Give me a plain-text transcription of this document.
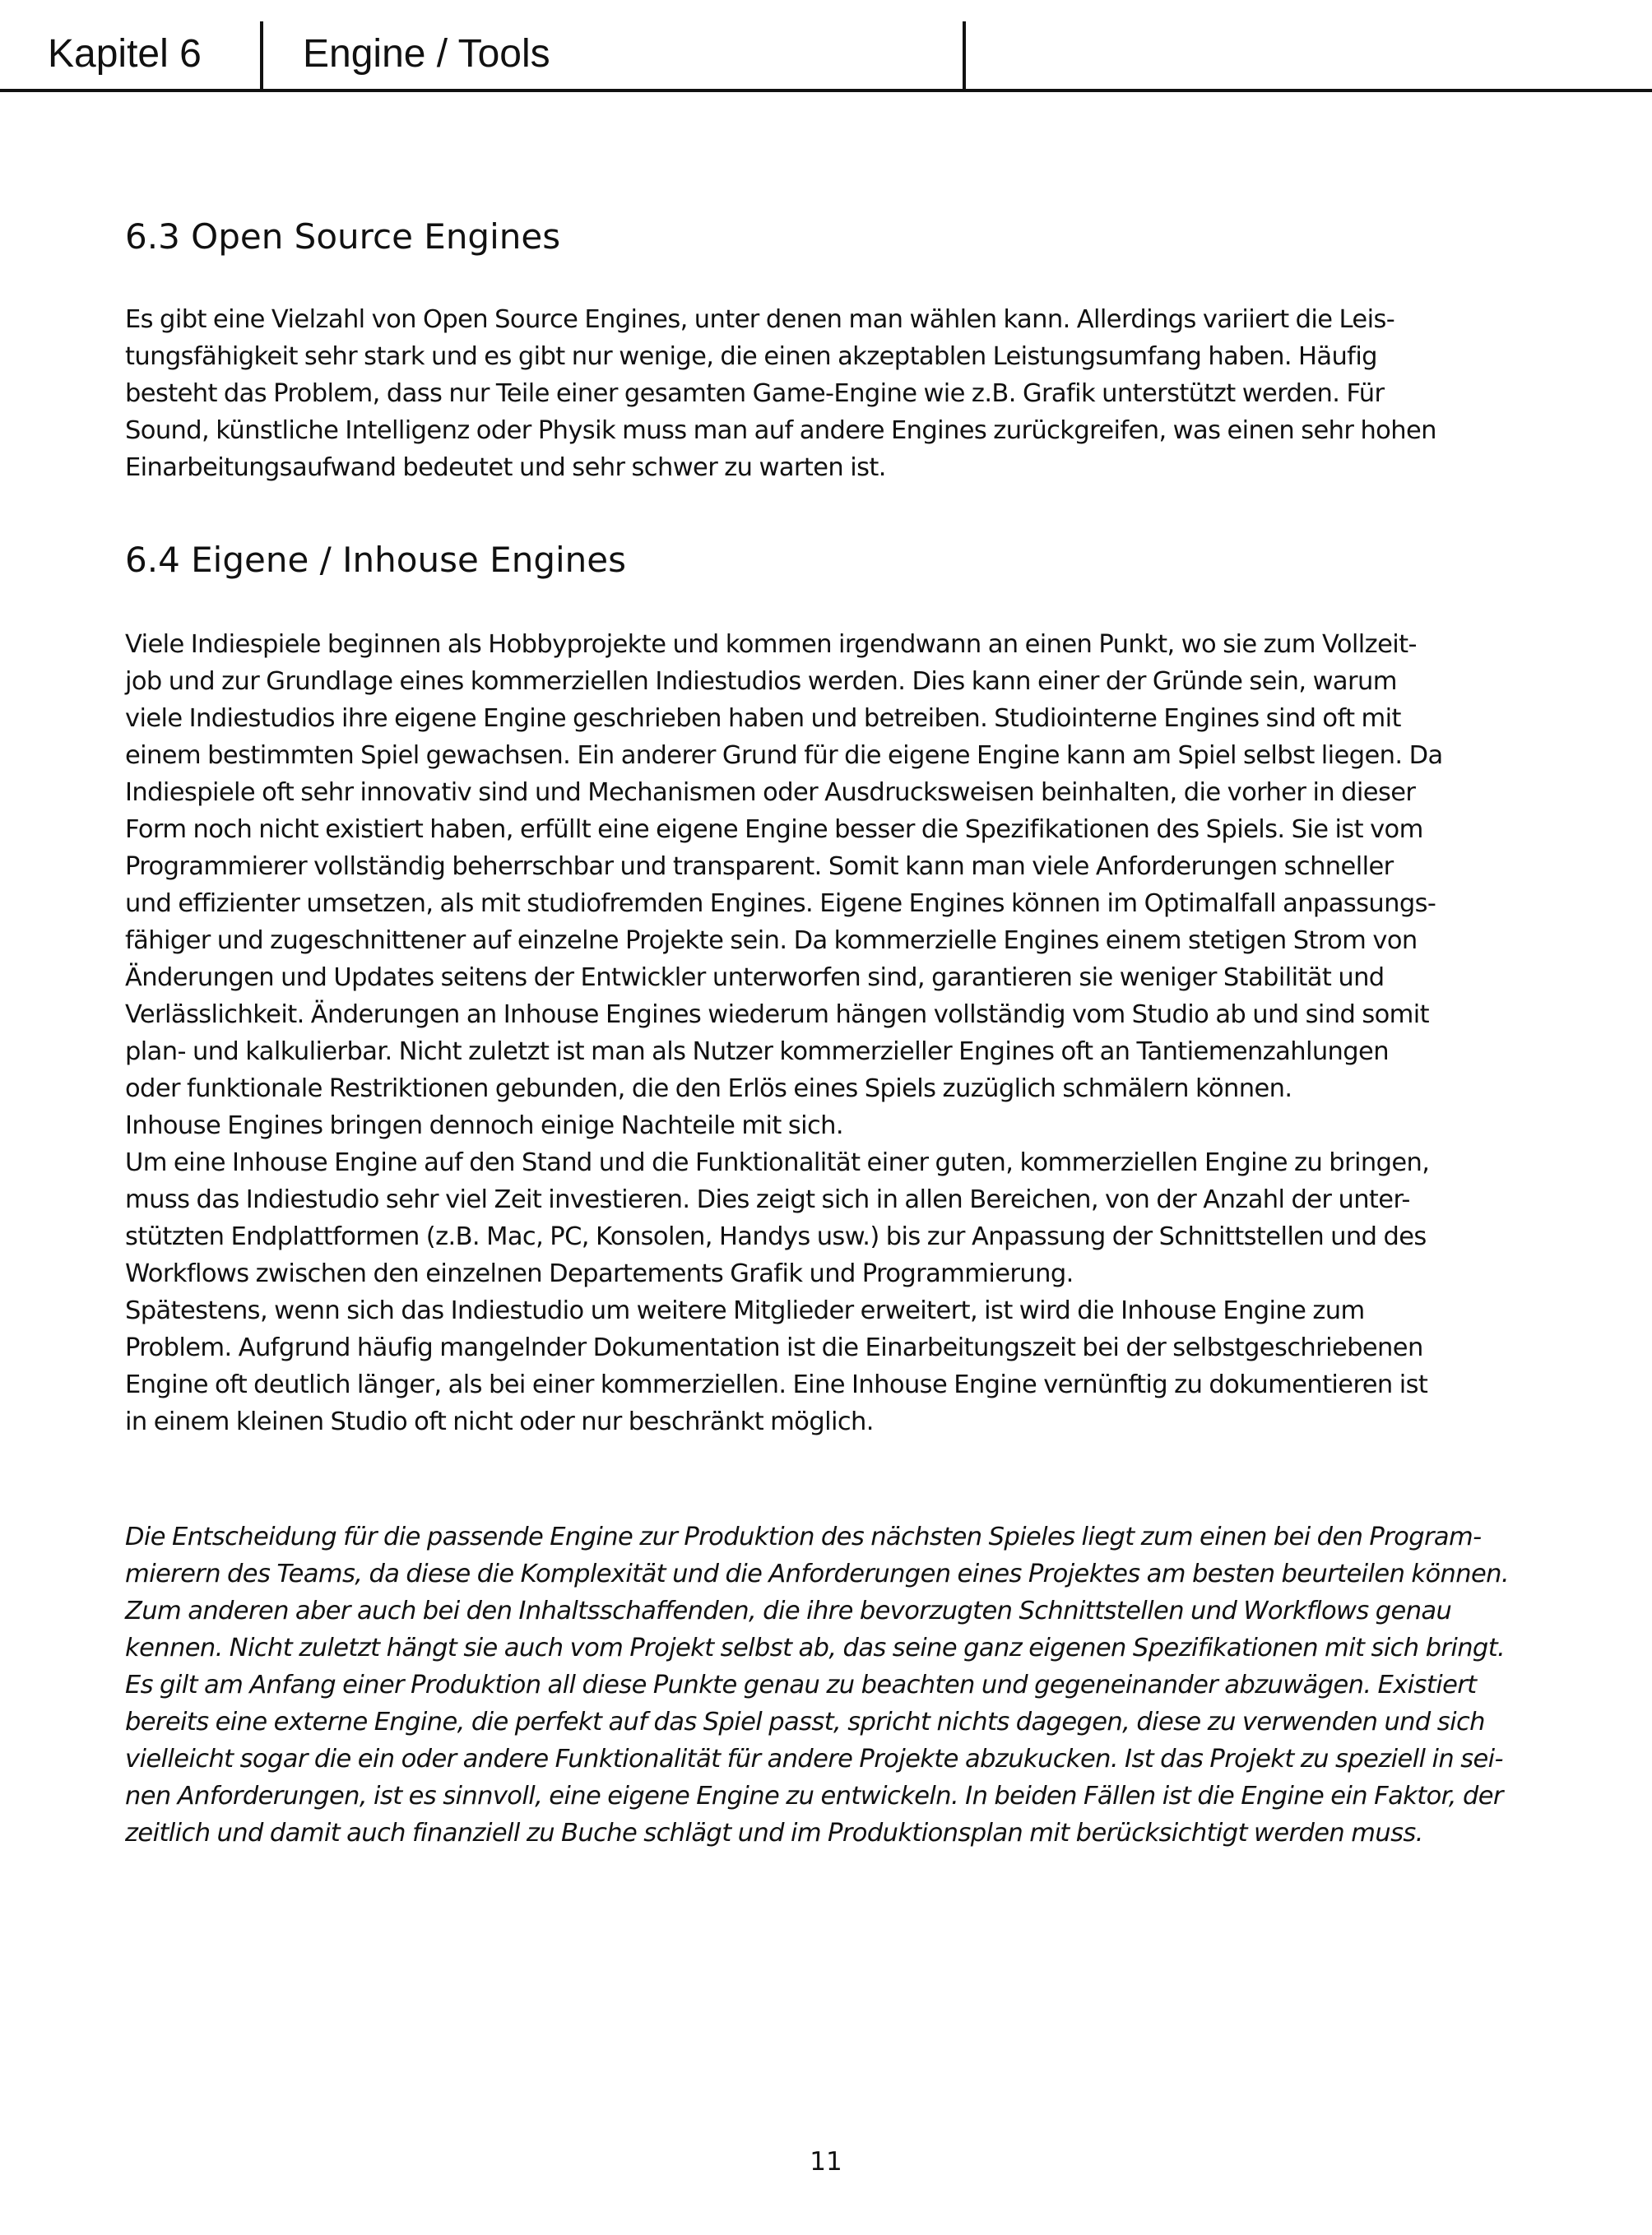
Kapitel 6	Engine / Tools
6.3 Open Source Engines
Es gibt eine Vielzahl von Open Source Engines, unter denen man wählen kann. Allerdings variiert die Leis-
tungsfähigkeit sehr stark und es gibt nur wenige, die einen akzeptablen Leistungsumfang haben. Häufig
besteht das Problem, dass nur Teile einer gesamten Game-Engine wie z.B. Grafik unterstützt werden. Für
Sound, künstliche Intelligenz oder Physik muss man auf andere Engines zurückgreifen, was einen sehr hohen
Einarbeitungsaufwand bedeutet und sehr schwer zu warten ist.
6.4 Eigene / Inhouse Engines
Viele Indiespiele beginnen als Hobbyprojekte und kommen irgendwann an einen Punkt, wo sie zum Vollzeit-
job und zur Grundlage eines kommerziellen Indiestudios werden. Dies kann einer der Gründe sein, warum
viele Indiestudios ihre eigene Engine geschrieben haben und betreiben. Studiointerne Engines sind oft mit
einem bestimmten Spiel gewachsen. Ein anderer Grund für die eigene Engine kann am Spiel selbst liegen. Da
Indiespiele oft sehr innovativ sind und Mechanismen oder Ausdrucksweisen beinhalten, die vorher in dieser
Form noch nicht existiert haben, erfüllt eine eigene Engine besser die Spezifikationen des Spiels. Sie ist vom
Programmierer vollständig beherrschbar und transparent. Somit kann man viele Anforderungen schneller
und effizienter umsetzen, als mit studiofremden Engines. Eigene Engines können im Optimalfall anpassungs-
fähiger und zugeschnittener auf einzelne Projekte sein. Da kommerzielle Engines einem stetigen Strom von
Änderungen und Updates seitens der Entwickler unterworfen sind, garantieren sie weniger Stabilität und
Verlässlichkeit. Änderungen an Inhouse Engines wiederum hängen vollständig vom Studio ab und sind somit
plan- und kalkulierbar. Nicht zuletzt ist man als Nutzer kommerzieller Engines oft an Tantiemenzahlungen
oder funktionale Restriktionen gebunden, die den Erlös eines Spiels zuzüglich schmälern können.
Inhouse Engines bringen dennoch einige Nachteile mit sich.
Um eine Inhouse Engine auf den Stand und die Funktionalität einer guten, kommerziellen Engine zu bringen,
muss das Indiestudio sehr viel Zeit investieren. Dies zeigt sich in allen Bereichen, von der Anzahl der unter-
stützten Endplattformen (z.B. Mac, PC, Konsolen, Handys usw.) bis zur Anpassung der Schnittstellen und des
Workflows zwischen den einzelnen Departements Grafik und Programmierung.
Spätestens, wenn sich das Indiestudio um weitere Mitglieder erweitert, ist wird die Inhouse Engine zum
Problem. Aufgrund häufig mangelnder Dokumentation ist die Einarbeitungszeit bei der selbstgeschriebenen
Engine oft deutlich länger, als bei einer kommerziellen. Eine Inhouse Engine vernünftig zu dokumentieren ist
in einem kleinen Studio oft nicht oder nur beschränkt möglich.
Die Entscheidung für die passende Engine zur Produktion des nächsten Spieles liegt zum einen bei den Program-
mierern des Teams, da diese die Komplexität und die Anforderungen eines Projektes am besten beurteilen können.
Zum anderen aber auch bei den Inhaltsschaffenden, die ihre bevorzugten Schnittstellen und Workflows genau
kennen. Nicht zuletzt hängt sie auch vom Projekt selbst ab, das seine ganz eigenen Spezifikationen mit sich bringt.
Es gilt am Anfang einer Produktion all diese Punkte genau zu beachten und gegeneinander abzuwägen. Existiert
bereits eine externe Engine, die perfekt auf das Spiel passt, spricht nichts dagegen, diese zu verwenden und sich
vielleicht sogar die ein oder andere Funktionalität für andere Projekte abzukucken. Ist das Projekt zu speziell in sei-
nen Anforderungen, ist es sinnvoll, eine eigene Engine zu entwickeln. In beiden Fällen ist die Engine ein Faktor, der
zeitlich und damit auch finanziell zu Buche schlägt und im Produktionsplan mit berücksichtigt werden muss.
11
